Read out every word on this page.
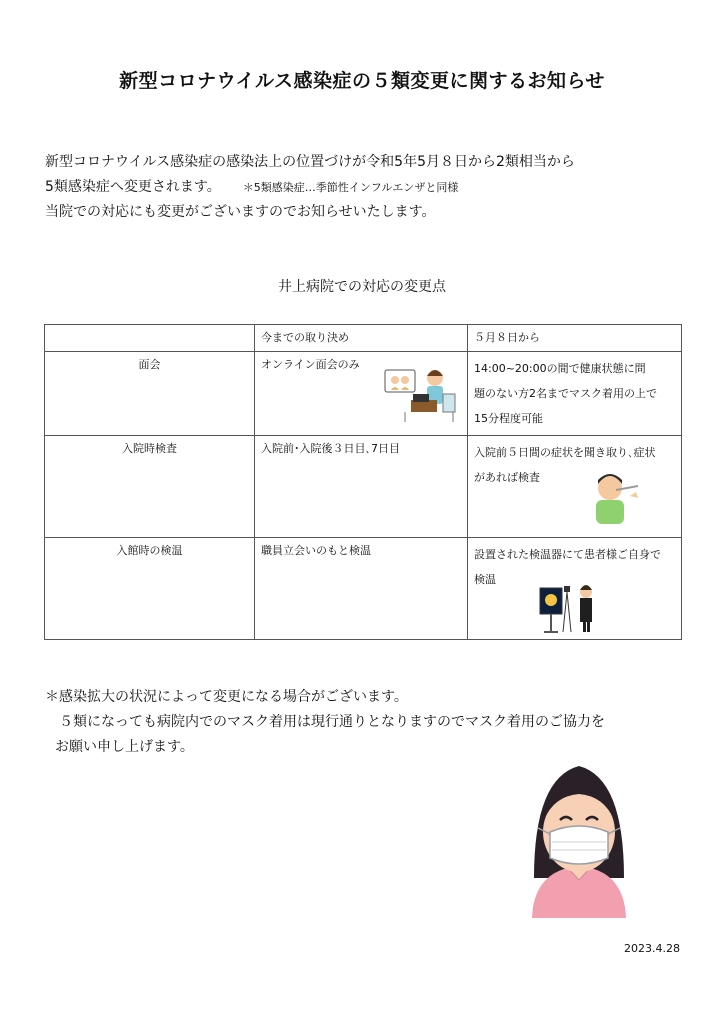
新型コロナウイルス感染症の５類変更に関するお知らせ
新型コロナウイルス感染症の感染法上の位置づけが令和5年5月８日から2類相当から
5類感染症へ変更されます。 ＊5類感染症…季節性インフルエンザと同様
当院での対応にも変更がございますのでお知らせいたします。
井上病院での対応の変更点
	今までの取り決め	５月８日から
面会	オンライン面会のみ	14:00~20:00の間で健康状態に問
題のない方2名までマスク着用の上で
15分程度可能

入院時検査	入院前･入院後３日目､7日目	入院前５日間の症状を聞き取り､症状
があれば検査

入館時の検温	職員立会いのもと検温	設置された検温器にて患者様ご自身で
検温
＊感染拡大の状況によって変更になる場合がございます。
５類になっても病院内でのマスク着用は現行通りとなりますのでマスク着用のご協力を
お願い申し上げます。
2023.4.28
